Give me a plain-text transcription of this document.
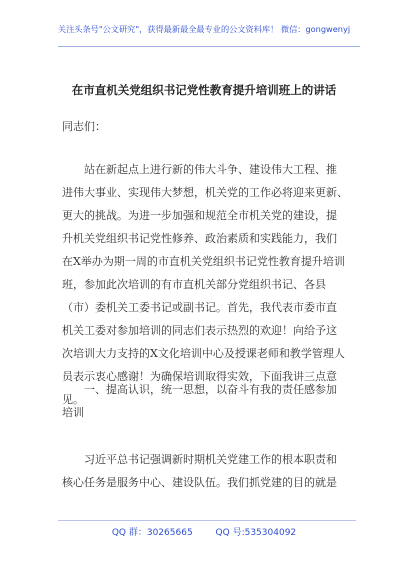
关注头条号"公文研究"，获得最新最全最专业的公文资料库！ 微信：gongwenyj
在市直机关党组织书记党性教育提升培训班上的讲话
同志们：
站在新起点上进行新的伟大斗争、建设伟大工程、推
进伟大事业、实现伟大梦想，机关党的工作必将迎来更新、
更大的挑战。为进一步加强和规范全市机关党的建设，提
升机关党组织书记党性修养、政治素质和实践能力，我们
在X举办为期一周的市直机关党组织书记党性教育提升培训
班，参加此次培训的有市直机关部分党组织书记、各县
（市）委机关工委书记或副书记。首先，我代表市委市直
机关工委对参加培训的同志们表示热烈的欢迎！向给予这
次培训大力支持的X文化培训中心及授课老师和教学管理人
员表示衷心感谢！为确保培训取得实效，下面我讲三点意
见。
一、提高认识，统一思想，以奋斗有我的责任感参加
培训
习近平总书记强调新时期机关党建工作的根本职责和
核心任务是服务中心、建设队伍。我们抓党建的目的就是
QQ 群：30265665	QQ 号:535304092
